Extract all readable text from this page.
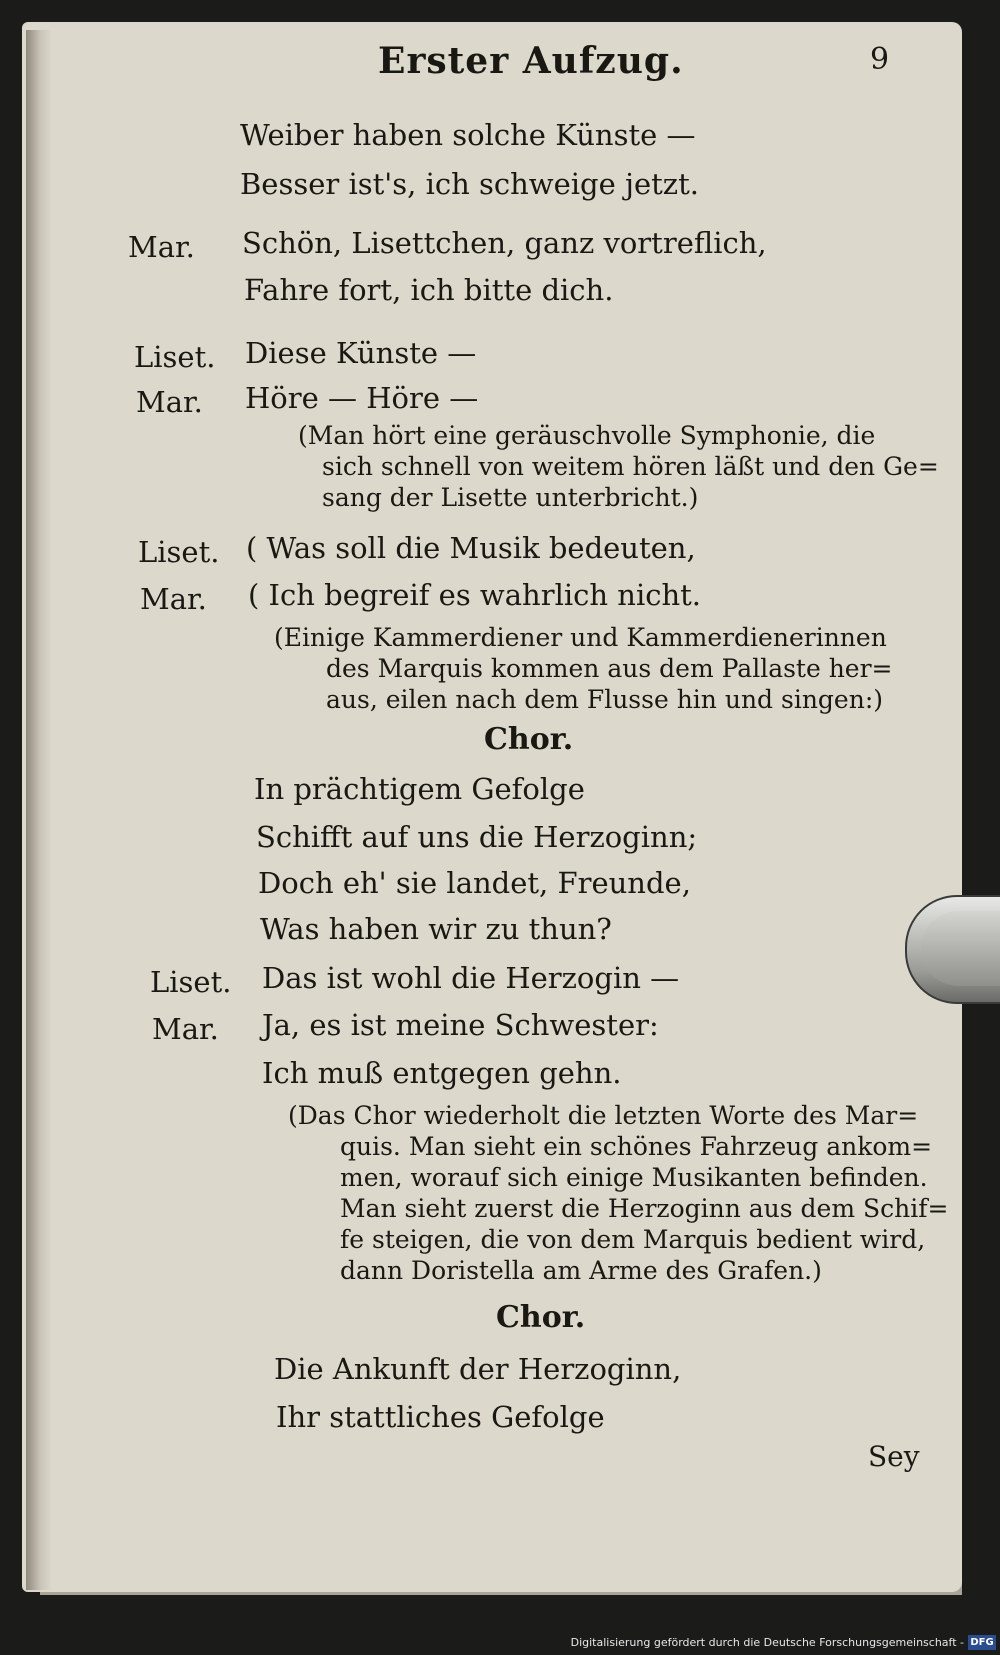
Erster Aufzug.	9
Weiber haben solche Künste —
Besser ist's, ich schweige jetzt.
Mar. Schön, Lisettchen, ganz vortreflich,
Fahre fort, ich bitte dich.
Liset. Diese Künste —
Mar. Höre — Höre —
(Man hört eine geräuschvolle Symphonie, die
sich schnell von weitem hören läßt und den Ge=
sang der Lisette unterbricht.)
Liset. ( Was soll die Musik bedeuten,
Mar. ( Ich begreif es wahrlich nicht.
(Einige Kammerdiener und Kammerdienerinnen
des Marquis kommen aus dem Pallaste her=
aus, eilen nach dem Flusse hin und singen:)
Chor.
In prächtigem Gefolge
Schifft auf uns die Herzoginn;
Doch eh' sie landet, Freunde,
Was haben wir zu thun?
Liset. Das ist wohl die Herzogin —
Mar. Ja, es ist meine Schwester:
Ich muß entgegen gehn.
(Das Chor wiederholt die letzten Worte des Mar=
quis. Man sieht ein schönes Fahrzeug ankom=
men, worauf sich einige Musikanten befinden.
Man sieht zuerst die Herzoginn aus dem Schif=
fe steigen, die von dem Marquis bedient wird,
dann Doristella am Arme des Grafen.)
Chor.
Die Ankunft der Herzoginn,
Ihr stattliches Gefolge
Sey
Digitalisierung gefördert durch die Deutsche Forschungsgemeinschaft - DFG
